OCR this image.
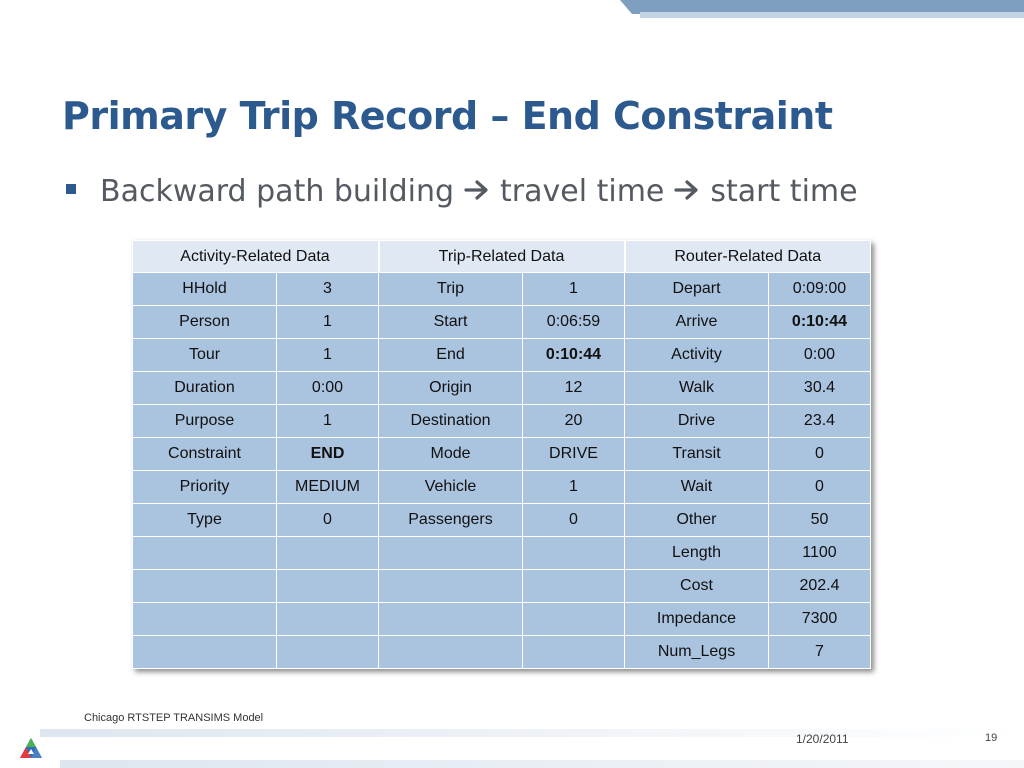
Primary Trip Record – End Constraint
Backward path building travel time start time
Activity-Related Data		Trip-Related Data		Router-Related Data	
HHold	3	Trip	1	Depart	0:09:00
Person	1	Start	0:06:59	Arrive	0:10:44
Tour	1	End	0:10:44	Activity	0:00
Duration	0:00	Origin	12	Walk	30.4
Purpose	1	Destination	20	Drive	23.4
Constraint	END	Mode	DRIVE	Transit	0
Priority	MEDIUM	Vehicle	1	Wait	0
Type	0	Passengers	0	Other	50
				Length	1100
				Cost	202.4
				Impedance	7300
				Num_Legs	7
Chicago RTSTEP TRANSIMS Model
1/20/2011	19
